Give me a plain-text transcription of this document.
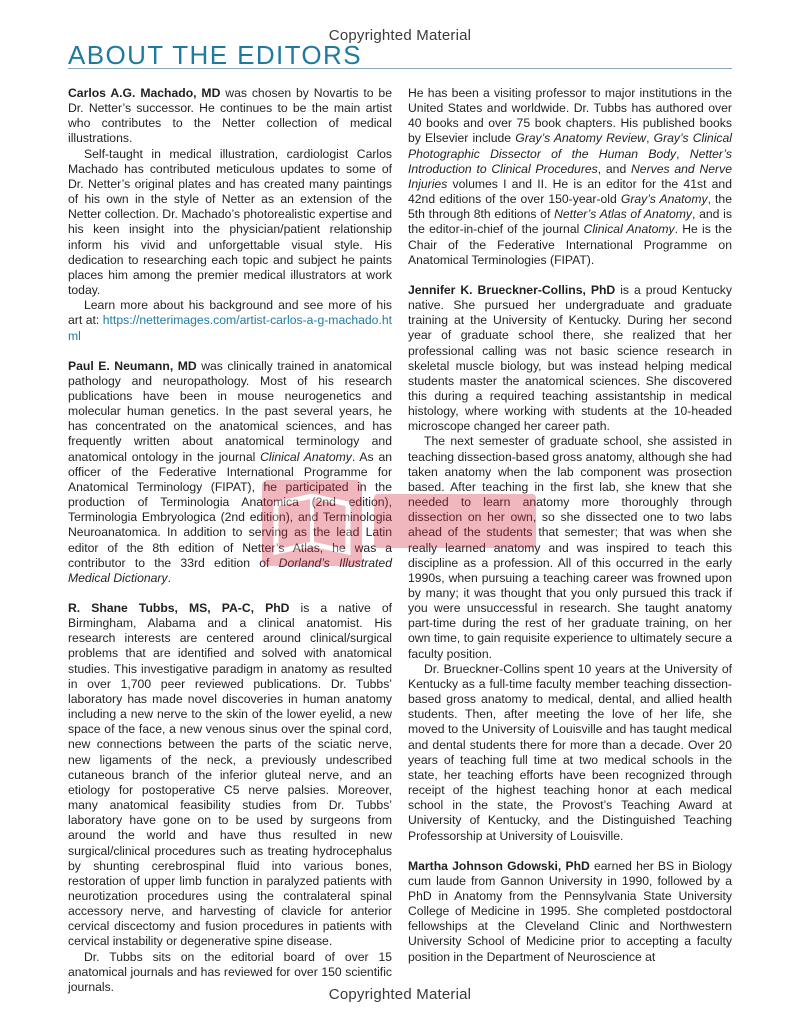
Copyrighted Material
ABOUT THE EDITORS

Carlos A.G. Machado, MD was chosen by Novartis to be Dr. Netter’s successor. He continues to be the main artist who contributes to the Netter collection of medical illustrations.

Self-taught in medical illustration, cardiologist Carlos Machado has contributed meticulous updates to some of Dr. Netter’s original plates and has created many paintings of his own in the style of Netter as an extension of the Netter collection. Dr. Machado’s photorealistic expertise and his keen insight into the physician/patient relationship inform his vivid and unforgettable visual style. His dedication to researching each topic and subject he paints places him among the premier medical illustrators at work today.

Learn more about his background and see more of his art at: https://netterimages.com/artist-carlos-a-g-machado.html

Paul E. Neumann, MD was clinically trained in anatomical pathology and neuropathology. Most of his research publications have been in mouse neurogenetics and molecular human genetics. In the past several years, he has concentrated on the anatomical sciences, and has frequently written about anatomical terminology and anatomical ontology in the journal Clinical Anatomy. As an officer of the Federative International Programme for Anatomical Terminology (FIPAT), he participated in the production of Terminologia Anatomica (2nd edition), Terminologia Embryologica (2nd edition), and Terminologia Neuroanatomica. In addition to serving as the lead Latin editor of the 8th edition of Netter’s Atlas, he was a contributor to the 33rd edition of Dorland’s Illustrated Medical Dictionary.

R. Shane Tubbs, MS, PA-C, PhD is a native of Birmingham, Alabama and a clinical anatomist. His research interests are centered around clinical/surgical problems that are identified and solved with anatomical studies. This investigative paradigm in anatomy as resulted in over 1,700 peer reviewed publications. Dr. Tubbs’ laboratory has made novel discoveries in human anatomy including a new nerve to the skin of the lower eyelid, a new space of the face, a new venous sinus over the spinal cord, new connections between the parts of the sciatic nerve, new ligaments of the neck, a previously undescribed cutaneous branch of the inferior gluteal nerve, and an etiology for postoperative C5 nerve palsies. Moreover, many anatomical feasibility studies from Dr. Tubbs’ laboratory have gone on to be used by surgeons from around the world and have thus resulted in new surgical/clinical procedures such as treating hydrocephalus by shunting cerebrospinal fluid into various bones, restoration of upper limb function in paralyzed patients with neurotization procedures using the contralateral spinal accessory nerve, and harvesting of clavicle for anterior cervical discectomy and fusion procedures in patients with cervical instability or degenerative spine disease.

Dr. Tubbs sits on the editorial board of over 15 anatomical journals and has reviewed for over 150 scientific journals.

He has been a visiting professor to major institutions in the United States and worldwide. Dr. Tubbs has authored over 40 books and over 75 book chapters. His published books by Elsevier include Gray’s Anatomy Review, Gray’s Clinical Photographic Dissector of the Human Body, Netter’s Introduction to Clinical Procedures, and Nerves and Nerve Injuries volumes I and II. He is an editor for the 41st and 42nd editions of the over 150-year-old Gray’s Anatomy, the 5th through 8th editions of Netter’s Atlas of Anatomy, and is the editor-in-chief of the journal Clinical Anatomy. He is the Chair of the Federative International Programme on Anatomical Terminologies (FIPAT).

Jennifer K. Brueckner-Collins, PhD is a proud Kentucky native. She pursued her undergraduate and graduate training at the University of Kentucky. During her second year of graduate school there, she realized that her professional calling was not basic science research in skeletal muscle biology, but was instead helping medical students master the anatomical sciences. She discovered this during a required teaching assistantship in medical histology, where working with students at the 10-headed microscope changed her career path.

The next semester of graduate school, she assisted in teaching dissection-based gross anatomy, although she had taken anatomy when the lab component was prosection based. After teaching in the first lab, she knew that she needed to learn anatomy more thoroughly through dissection on her own, so she dissected one to two labs ahead of the students that semester; that was when she really learned anatomy and was inspired to teach this discipline as a profession. All of this occurred in the early 1990s, when pursuing a teaching career was frowned upon by many; it was thought that you only pursued this track if you were unsuccessful in research. She taught anatomy part-time during the rest of her graduate training, on her own time, to gain requisite experience to ultimately secure a faculty position.

Dr. Brueckner-Collins spent 10 years at the University of Kentucky as a full-time faculty member teaching dissection-based gross anatomy to medical, dental, and allied health students. Then, after meeting the love of her life, she moved to the University of Louisville and has taught medical and dental students there for more than a decade. Over 20 years of teaching full time at two medical schools in the state, her teaching efforts have been recognized through receipt of the highest teaching honor at each medical school in the state, the Provost’s Teaching Award at University of Kentucky, and the Distinguished Teaching Professorship at University of Louisville.

Martha Johnson Gdowski, PhD earned her BS in Biology cum laude from Gannon University in 1990, followed by a PhD in Anatomy from the Pennsylvania State University College of Medicine in 1995. She completed postdoctoral fellowships at the Cleveland Clinic and Northwestern University School of Medicine prior to accepting a faculty position in the Department of Neuroscience at

Copyrighted Material
